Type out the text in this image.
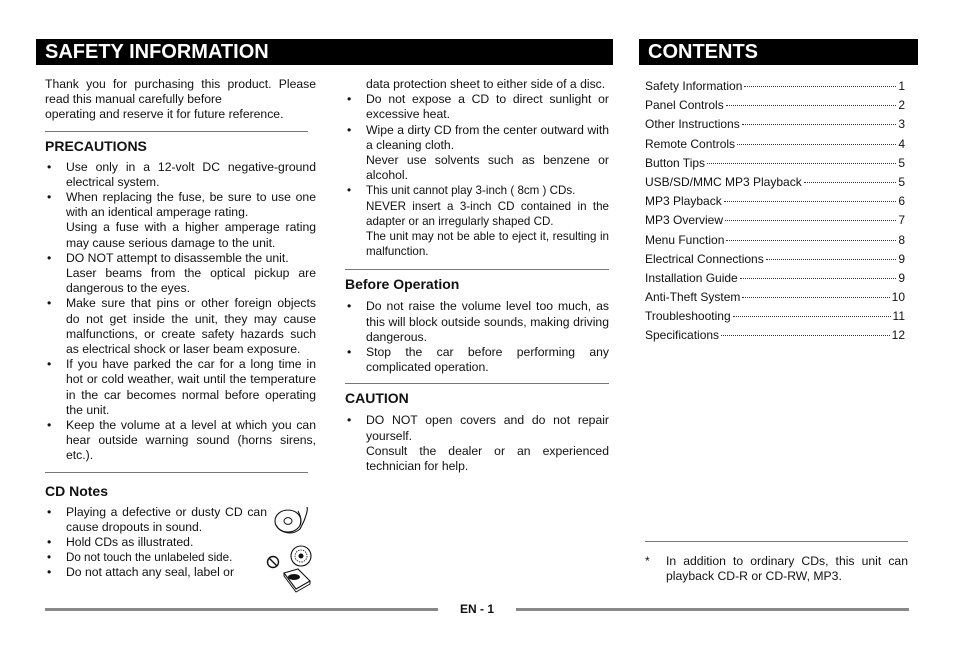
SAFETY INFORMATION	CONTENTS

Thank you for purchasing this product. Please read this manual carefully before

operating and reserve it for future reference.

PRECAUTIONS
• Use only in a 12-volt DC negative-ground electrical system.
• When replacing the fuse, be sure to use one with an identical amperage rating.
Using a fuse with a higher amperage rating may cause serious damage to the unit.
• DO NOT attempt to disassemble the unit.
Laser beams from the optical pickup are dangerous to the eyes.
• Make sure that pins or other foreign objects do not get inside the unit, they may cause malfunctions, or create safety hazards such as electrical shock or laser beam exposure.
• If you have parked the car for a long time in hot or cold weather, wait until the temperature in the car becomes normal before operating the unit.
• Keep the volume at a level at which you can hear outside warning sound (horns sirens, etc.).
CD Notes
• Playing a defective or dusty CD can cause dropouts in sound.
• Hold CDs as illustrated.
• Do not touch the unlabeled side.
• Do not attach any seal, label or

data protection sheet to either side of a disc.

• Do not expose a CD to direct sunlight or excessive heat.
• Wipe a dirty CD from the center outward with a cleaning cloth.
Never use solvents such as benzene or alcohol.
• This unit cannot play 3-inch ( 8cm ) CDs.
NEVER insert a 3-inch CD contained in the adapter or an irregularly shaped CD.
The unit may not be able to eject it, resulting in malfunction.
Before Operation
• Do not raise the volume level too much, as this will block outside sounds, making driving dangerous.
• Stop the car before performing any complicated operation.
CAUTION
• DO NOT open covers and do not repair yourself.
Consult the dealer or an experienced technician for help.
Safety Information	1
Panel Controls	2
Other Instructions	3
Remote Controls	4
Button Tips	5
USB/SD/MMC MP3 Playback	5
MP3 Playback	6
MP3 Overview	7
Menu Function	8
Electrical Connections	9
Installation Guide	9
Anti-Theft System	10
Troubleshooting	11
Specifications	12
*	In addition to ordinary CDs, this unit can playback CD-R or CD-RW, MP3.

EN - 1
